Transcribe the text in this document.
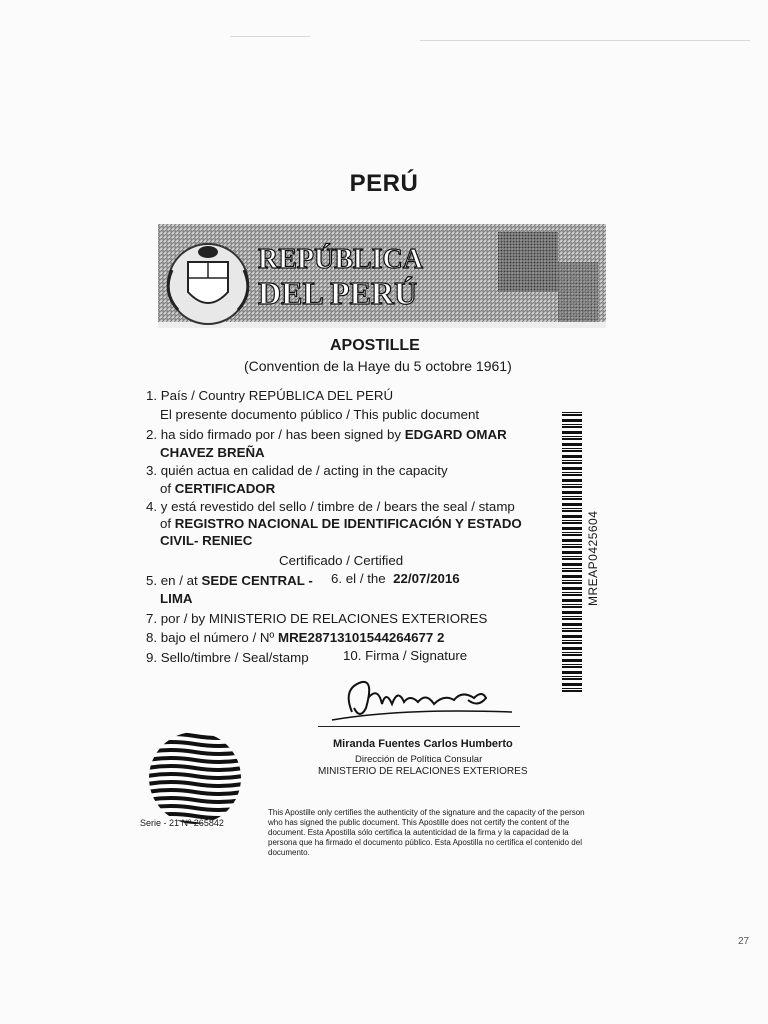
PERÚ
REPÚBLICA
DEL PERÚ
APOSTILLE
(Convention de la Haye du 5 octobre 1961)
1. País / Country REPÚBLICA DEL PERÚ
El presente documento público / This public document
2. ha sido firmado por / has been signed by EDGARD OMAR
CHAVEZ BREÑA
3. quién actua en calidad de / acting in the capacity
of CERTIFICADOR
4. y está revestido del sello / timbre de / bears the seal / stamp
of REGISTRO NACIONAL DE IDENTIFICACIÓN Y ESTADO
CIVIL- RENIEC
Certificado / Certified
5. en / at SEDE CENTRAL - 6. el / the 22/07/2016
LIMA
7. por / by MINISTERIO DE RELACIONES EXTERIORES
8. bajo el número / Nº MRE28713101544264677 2
9. Sello/timbre / Seal/stamp	10. Firma / Signature
MREAP0425604
Miranda Fuentes Carlos Humberto
Dirección de Política Consular
MINISTERIO DE RELACIONES EXTERIORES
Serie - 21 Nº 265842
This Apostille only certifies the authenticity of the signature and the capacity of the person who has signed the public document. This Apostille does not certify the content of the document. Esta Apostilla sólo certifica la autenticidad de la firma y la capacidad de la persona que ha firmado el documento público. Esta Apostilla no certifica el contenido del documento.
27
